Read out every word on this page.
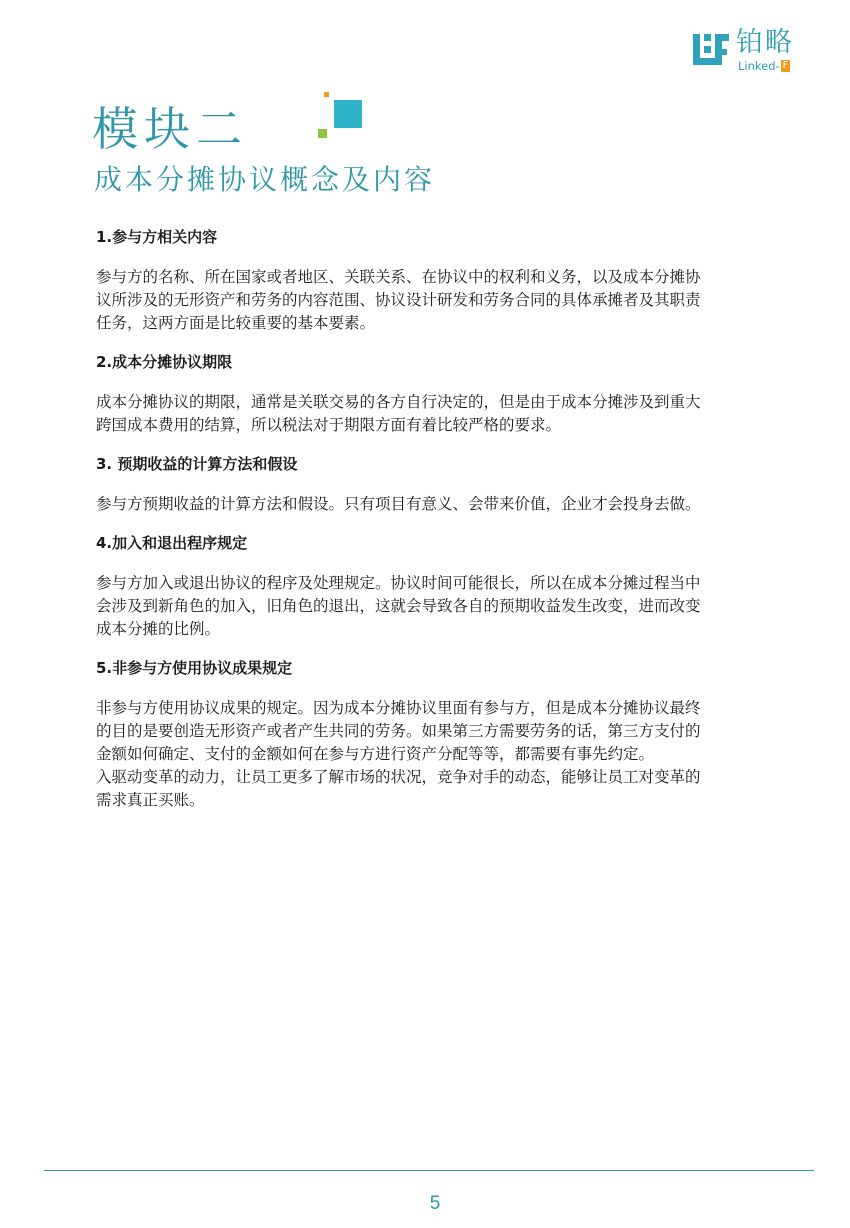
铂略
Linked- F
模块二
成本分摊协议概念及内容
1.参与方相关内容
参与方的名称、所在国家或者地区、关联关系、在协议中的权利和义务，以及成本分摊协
议所涉及的无形资产和劳务的内容范围、协议设计研发和劳务合同的具体承摊者及其职责
任务，这两方面是比较重要的基本要素。
2.成本分摊协议期限
成本分摊协议的期限，通常是关联交易的各方自行决定的，但是由于成本分摊涉及到重大
跨国成本费用的结算，所以税法对于期限方面有着比较严格的要求。
3. 预期收益的计算方法和假设
参与方预期收益的计算方法和假设。只有项目有意义、会带来价值，企业才会投身去做。
4.加入和退出程序规定
参与方加入或退出协议的程序及处理规定。协议时间可能很长，所以在成本分摊过程当中
会涉及到新角色的加入，旧角色的退出，这就会导致各自的预期收益发生改变，进而改变
成本分摊的比例。
5.非参与方使用协议成果规定
非参与方使用协议成果的规定。因为成本分摊协议里面有参与方，但是成本分摊协议最终
的目的是要创造无形资产或者产生共同的劳务。如果第三方需要劳务的话，第三方支付的
金额如何确定、支付的金额如何在参与方进行资产分配等等，都需要有事先约定。
入驱动变革的动力，让员工更多了解市场的状况，竞争对手的动态，能够让员工对变革的
需求真正买账。
5
